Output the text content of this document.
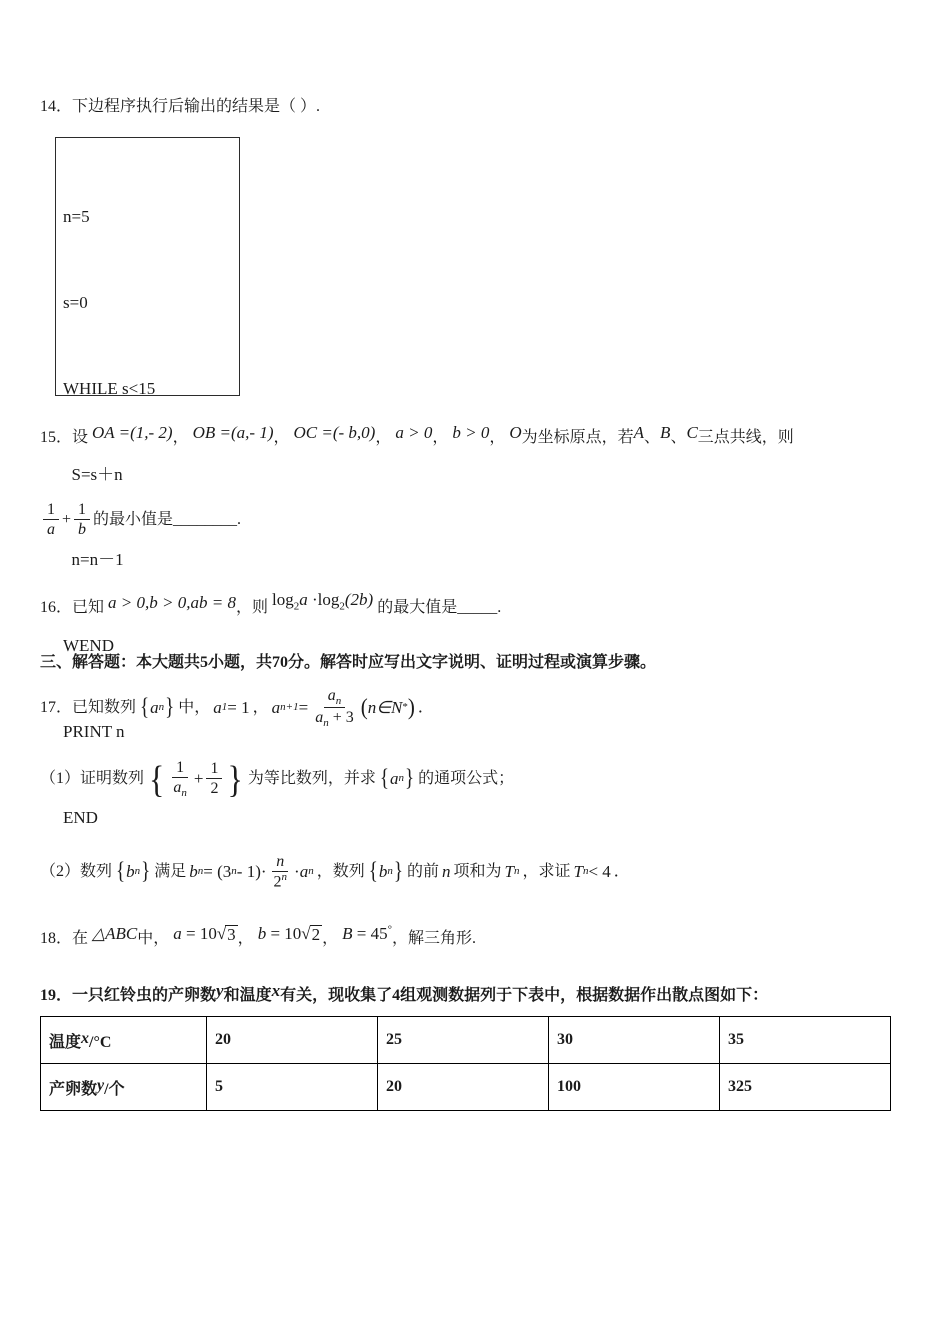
14．下边程序执行后输出的结果是（ ）.

n=5

s=0

WHILE s<15

S=s＋n

n=n－1

WEND

PRINT n

END

15．设 OA =(1,- 2)， OB =(a,- 1)， OC =(- b,0)， a > 0， b > 0， O为坐标原点，若A、B、C三点共线，则
$\frac{1}{a} + \frac{1}{b}$ 的最小值是________.
16．已知 a > 0,b > 0,ab = 8，则 $\log_2a \cdot\log_2(2b)$ 的最大值是_____.
三、解答题：本大题共5小题，共70分。解答时应写出文字说明、证明过程或演算步骤。
17． 已知数列 { a n } 中， a 1 = 1 ， a $n+1 = \frac{a_n}{a_n + 3}$ ( n∈N * ) ．
（1）证明数列 { $\frac{1}{a_n} + \frac{1}{2}$ } 为等比数列，并求 { a n } 的通项公式；
（2）数列 { b n } 满足 b n = (3 $n - 1) \cdot \frac{n}{2^n} \cdot a$ n ，数列 { b n } 的前 n 项和为 T n ，求证 T n < 4 ．
18．在 △ABC中， a = 10 √ 3 ， b = 10 √ 2 ， B = 45°，解三角形.
19．一只红铃虫的产卵数y和温度x有关，现收集了4组观测数据列于下表中，根据数据作出散点图如下：
温度x/°C	20	25	30	35
产卵数y/个	5	20	100	325
